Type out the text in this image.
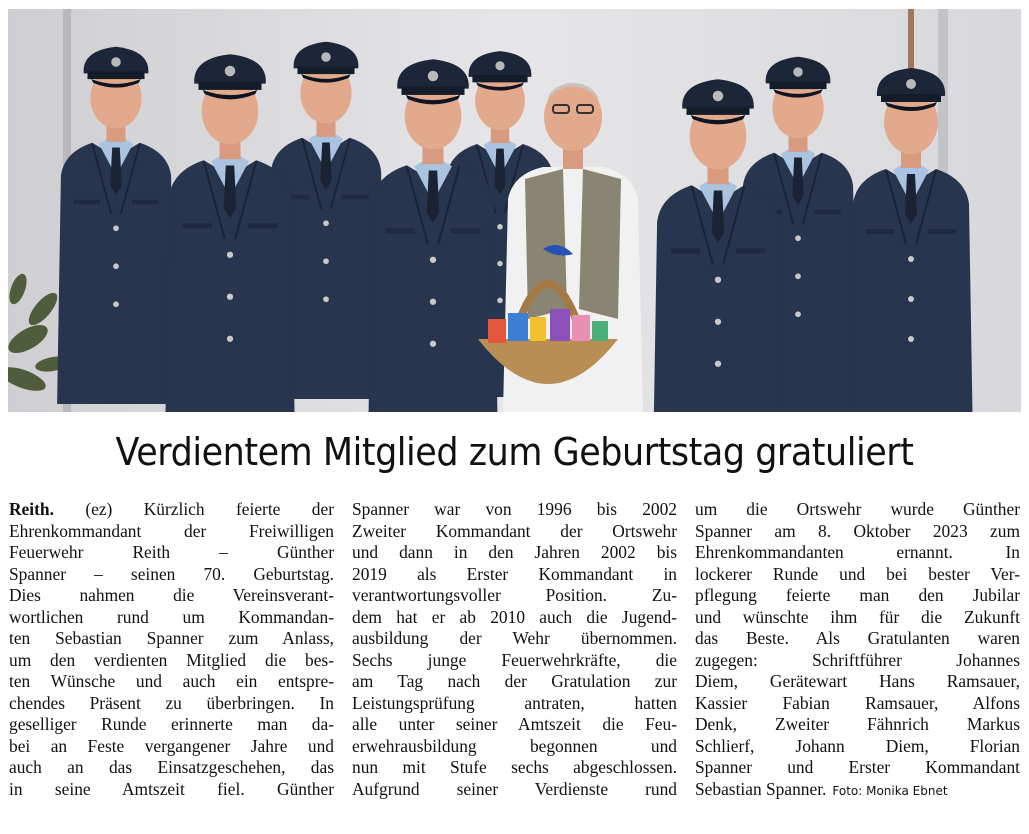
Verdientem Mitglied zum Geburtstag gratuliert
Reith. (ez) Kürzlich feierte der
Ehrenkommandant der Freiwilligen
Feuerwehr Reith – Günther
Spanner – seinen 70. Geburtstag.
Dies nahmen die Vereinsverant-
wortlichen rund um Kommandan-
ten Sebastian Spanner zum Anlass,
um den verdienten Mitglied die bes-
ten Wünsche und auch ein entspre-
chendes Präsent zu überbringen. In
geselliger Runde erinnerte man da-
bei an Feste vergangener Jahre und
auch an das Einsatzgeschehen, das
in seine Amtszeit fiel. Günther
Spanner war von 1996 bis 2002
Zweiter Kommandant der Ortswehr
und dann in den Jahren 2002 bis
2019 als Erster Kommandant in
verantwortungsvoller Position. Zu-
dem hat er ab 2010 auch die Jugend-
ausbildung der Wehr übernommen.
Sechs junge Feuerwehrkräfte, die
am Tag nach der Gratulation zur
Leistungsprüfung antraten, hatten
alle unter seiner Amtszeit die Feu-
erwehrausbildung begonnen und
nun mit Stufe sechs abgeschlossen.
Aufgrund seiner Verdienste rund
um die Ortswehr wurde Günther
Spanner am 8. Oktober 2023 zum
Ehrenkommandanten ernannt. In
lockerer Runde und bei bester Ver-
pflegung feierte man den Jubilar
und wünschte ihm für die Zukunft
das Beste. Als Gratulanten waren
zugegen: Schriftführer Johannes
Diem, Gerätewart Hans Ramsauer,
Kassier Fabian Ramsauer, Alfons
Denk, Zweiter Fähnrich Markus
Schlierf, Johann Diem, Florian
Spanner und Erster Kommandant
Sebastian Spanner. Foto: Monika Ebnet
